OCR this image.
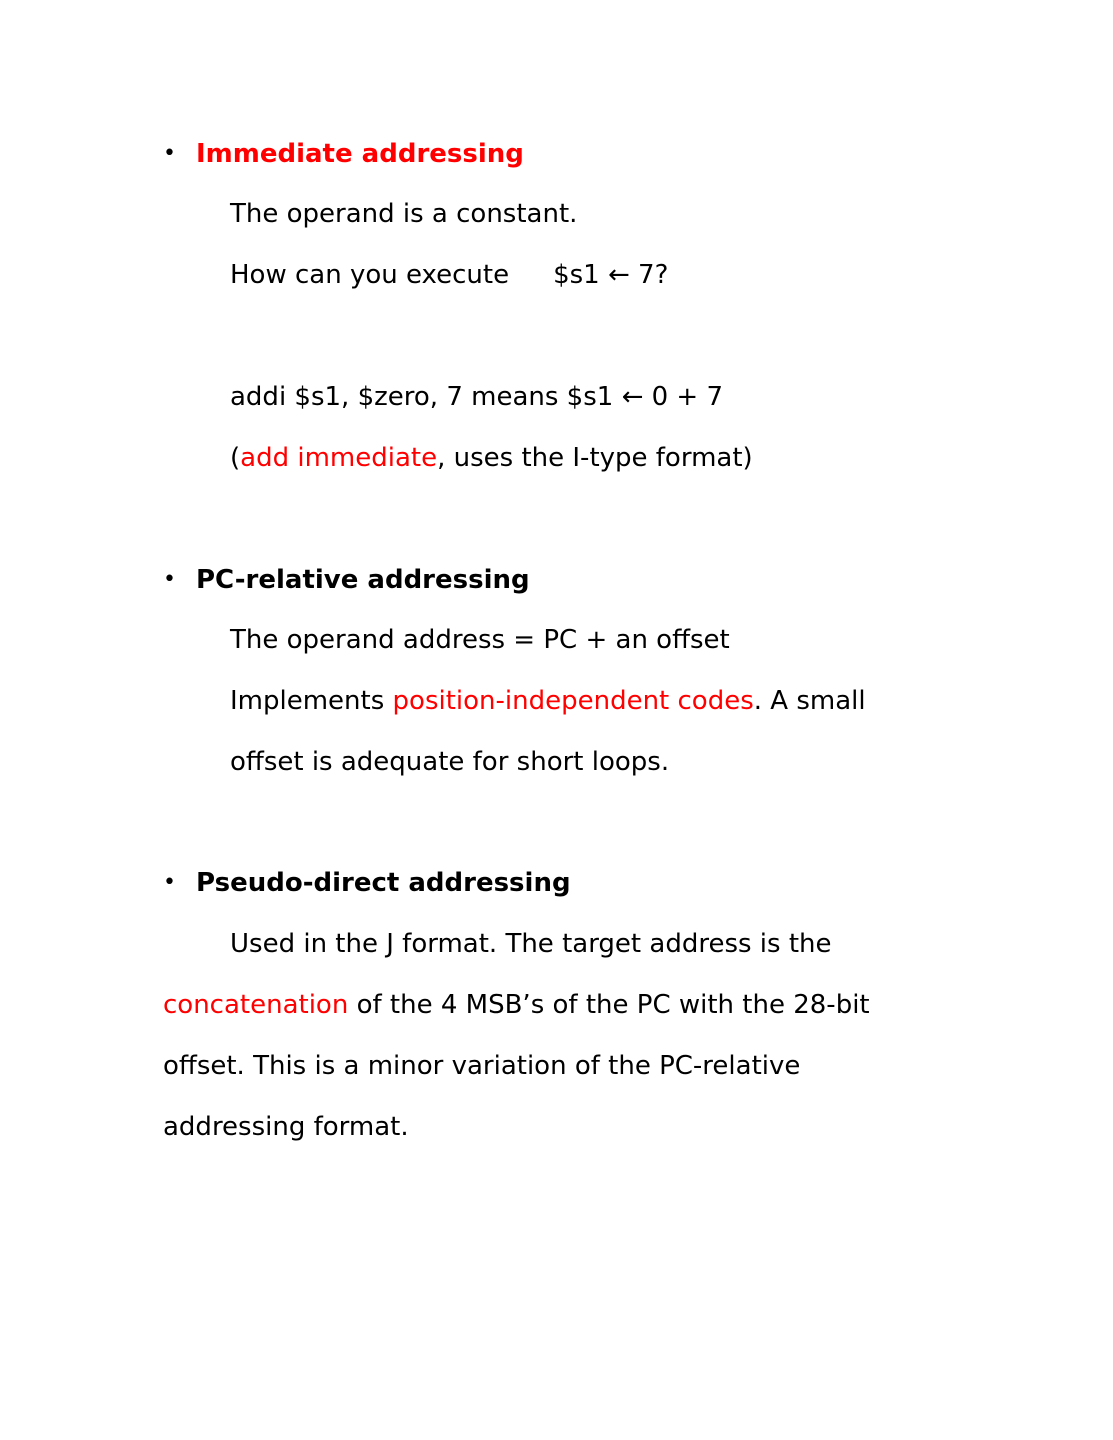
• Immediate addressing

The operand is a constant.

How can you execute $s1 ← 7?

addi $s1, $zero, 7 means $s1 ← 0 + 7

(add immediate, uses the I-type format)

• PC-relative addressing

The operand address = PC + an offset

Implements position-independent codes. A small

offset is adequate for short loops.

• Pseudo-direct addressing

Used in the J format. The target address is the

concatenation of the 4 MSB’s of the PC with the 28-bit

offset. This is a minor variation of the PC-relative

addressing format.
